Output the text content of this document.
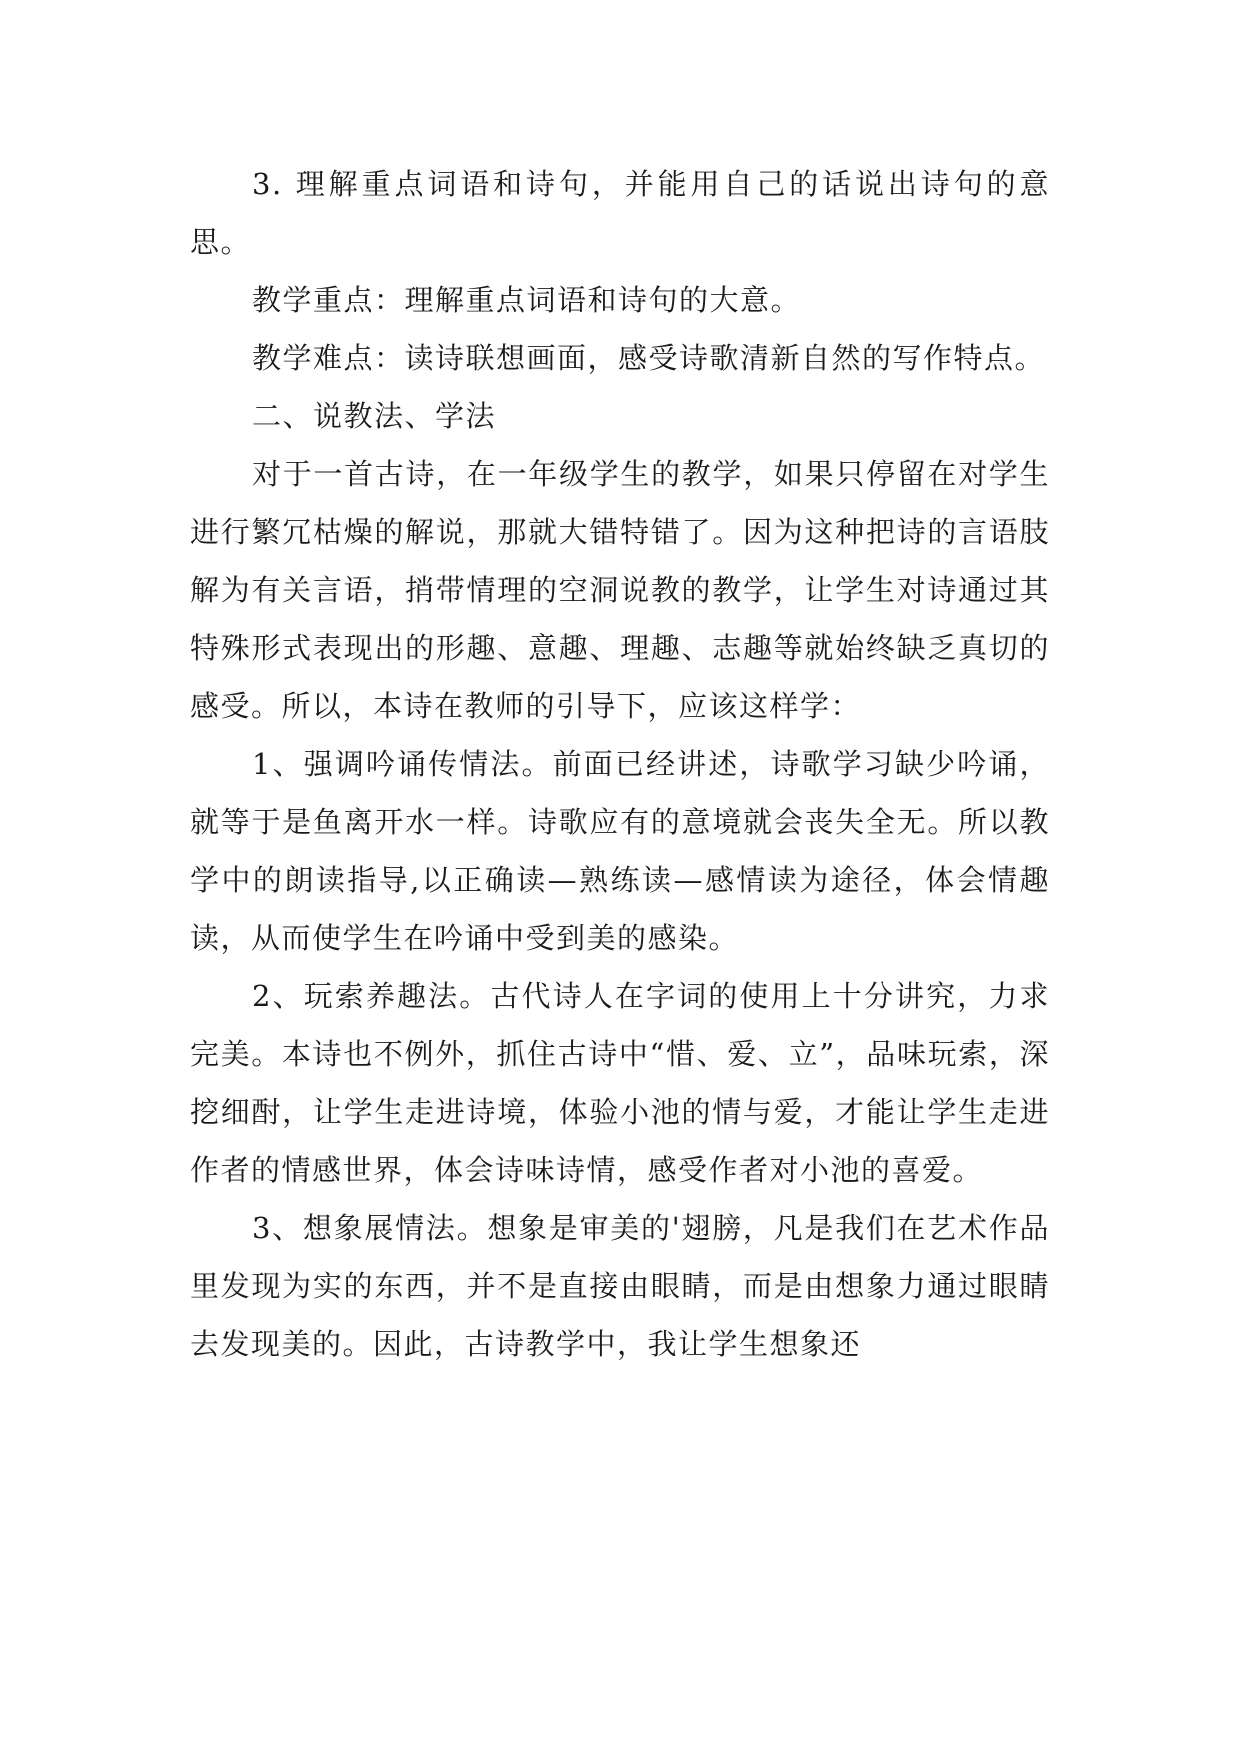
3. 理解重点词语和诗句，并能用自己的话说出诗句的意思。

教学重点：理解重点词语和诗句的大意。

教学难点：读诗联想画面，感受诗歌清新自然的写作特点。

二、说教法、学法

对于一首古诗，在一年级学生的教学，如果只停留在对学生进行繁冗枯燥的解说，那就大错特错了。因为这种把诗的言语肢解为有关言语，捎带情理的空洞说教的教学，让学生对诗通过其特殊形式表现出的形趣、意趣、理趣、志趣等就始终缺乏真切的感受。所以，本诗在教师的引导下，应该这样学：

1、强调吟诵传情法。前面已经讲述，诗歌学习缺少吟诵，就等于是鱼离开水一样。诗歌应有的意境就会丧失全无。所以教学中的朗读指导,以正确读—熟练读—感情读为途径，体会情趣读，从而使学生在吟诵中受到美的感染。

2、玩索养趣法。古代诗人在字词的使用上十分讲究，力求完美。本诗也不例外，抓住古诗中“惜、爱、立”，品味玩索，深挖细酎，让学生走进诗境，体验小池的情与爱，才能让学生走进作者的情感世界，体会诗味诗情，感受作者对小池的喜爱。

3、想象展情法。想象是审美的'翅膀，凡是我们在艺术作品里发现为实的东西，并不是直接由眼睛，而是由想象力通过眼睛去发现美的。因此，古诗教学中，我让学生想象还
